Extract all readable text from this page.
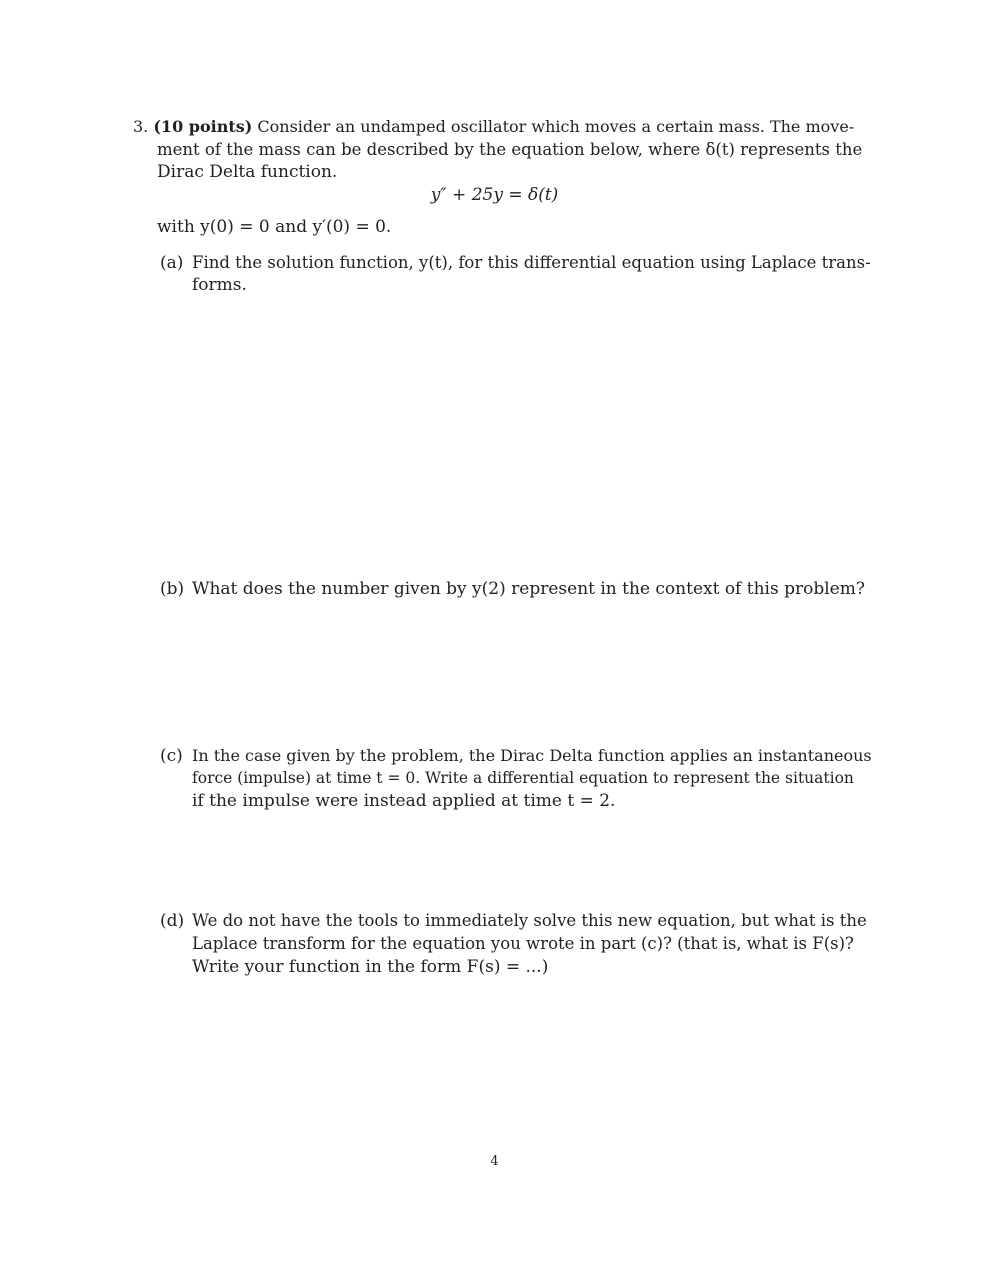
3. (10 points) Consider an undamped oscillator which moves a certain mass. The move-
ment of the mass can be described by the equation below, where δ(t) represents the
Dirac Delta function.
y″ + 25y = δ(t)
with y(0) = 0 and y′(0) = 0.
(a) Find the solution function, y(t), for this differential equation using Laplace trans-
forms.
(b) What does the number given by y(2) represent in the context of this problem?
(c) In the case given by the problem, the Dirac Delta function applies an instantaneous
force (impulse) at time t = 0. Write a differential equation to represent the situation
if the impulse were instead applied at time t = 2.
(d) We do not have the tools to immediately solve this new equation, but what is the
Laplace transform for the equation you wrote in part (c)? (that is, what is F(s)?
Write your function in the form F(s) = ...)
4
